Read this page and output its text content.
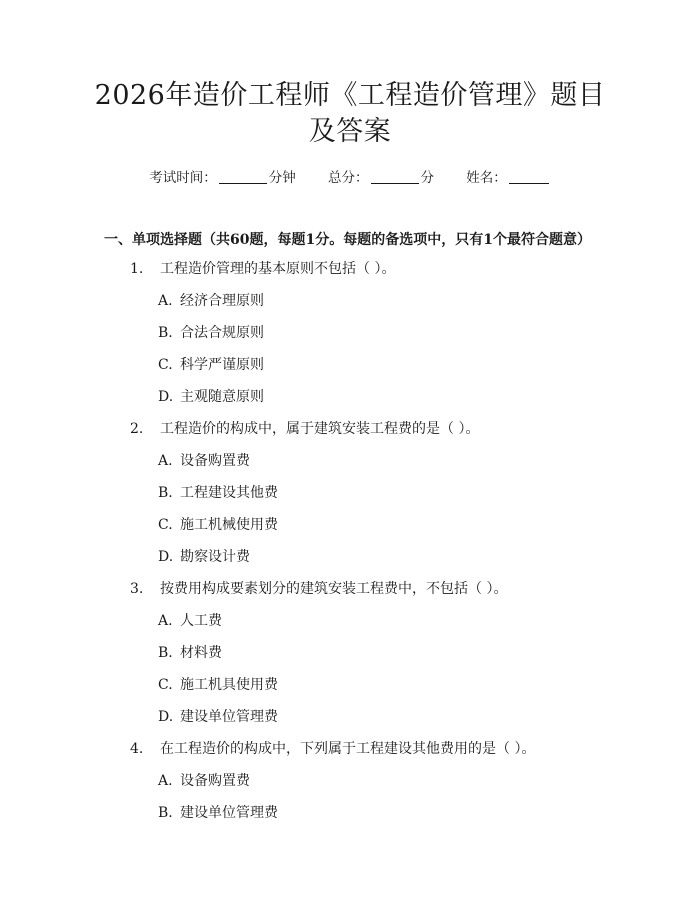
2026年造价工程师《工程造价管理》题目及答案
考试时间：	分钟 总分：	分 姓名：
一、单项选择题（共60题，每题1分。每题的备选项中，只有1个最符合题意）
1. 工程造价管理的基本原则不包括（ ）。
A. 经济合理原则
B. 合法合规原则
C. 科学严谨原则
D. 主观随意原则
2. 工程造价的构成中，属于建筑安装工程费的是（ ）。
A. 设备购置费
B. 工程建设其他费
C. 施工机械使用费
D. 勘察设计费
3. 按费用构成要素划分的建筑安装工程费中，不包括（ ）。
A. 人工费
B. 材料费
C. 施工机具使用费
D. 建设单位管理费
4. 在工程造价的构成中，下列属于工程建设其他费用的是（ ）。
A. 设备购置费
B. 建设单位管理费
